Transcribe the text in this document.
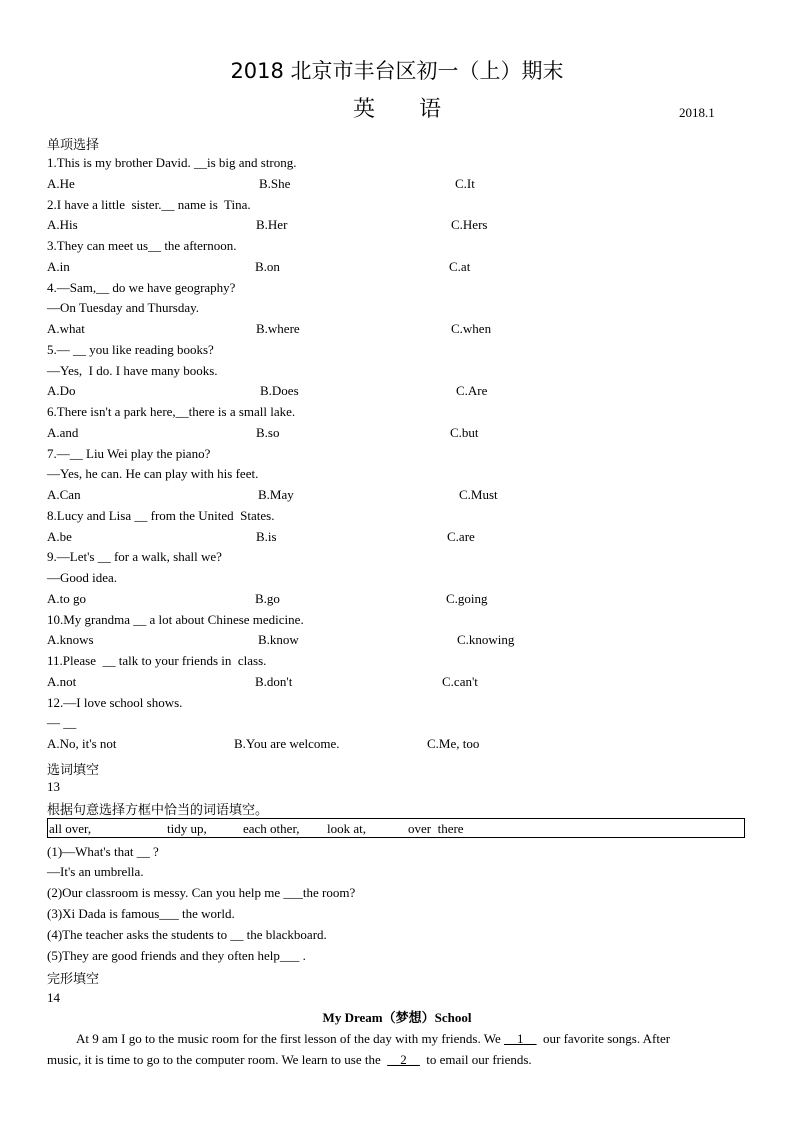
2018 北京市丰台区初一（上）期末
英　　语	2018.1
单项选择
1.This is my brother David. __is big and strong.
A.He	B.She	C.It
2.I have a little  sister.__ name is  Tina.
A.His	B.Her	C.Hers
3.They can meet us__ the afternoon.
A.in	B.on	C.at
4.—Sam,__ do we have geography?
—On Tuesday and Thursday.
A.what	B.where	C.when
5.— __ you like reading books?
—Yes,  I do. I have many books.
A.Do	B.Does	C.Are
6.There isn't a park here,__there is a small lake.
A.and	B.so	C.but
7.—__ Liu Wei play the piano?
—Yes, he can. He can play with his feet.
A.Can	B.May	C.Must
8.Lucy and Lisa __ from the United  States.
A.be	B.is	C.are
9.—Let's __ for a walk, shall we?
—Good idea.
A.to go	B.go	C.going
10.My grandma __ a lot about Chinese medicine.
A.knows	B.know	C.knowing
11.Please  __ talk to your friends in  class.
A.not	B.don't	C.can't
12.—I love school shows.
— __
A.No, it's not	B.You are welcome.	C.Me, too
选词填空
13
根据句意选择方框中恰当的词语填空。
all over,	tidy up,	each other, look at,	over  there
(1)—What's that __ ?
—It's an umbrella.
(2)Our classroom is messy. Can you help me ___the room?
(3)Xi Dada is famous___ the world.
(4)The teacher asks the students to __ the blackboard.
(5)They are good friends and they often help___ .
完形填空
14
My Dream（梦想）School
At 9 am I go to the music room for the first lesson of the day with my friends. We __1__  our favorite songs. After
music, it is time to go to the computer room. We learn to use the  __2__  to email our friends.
